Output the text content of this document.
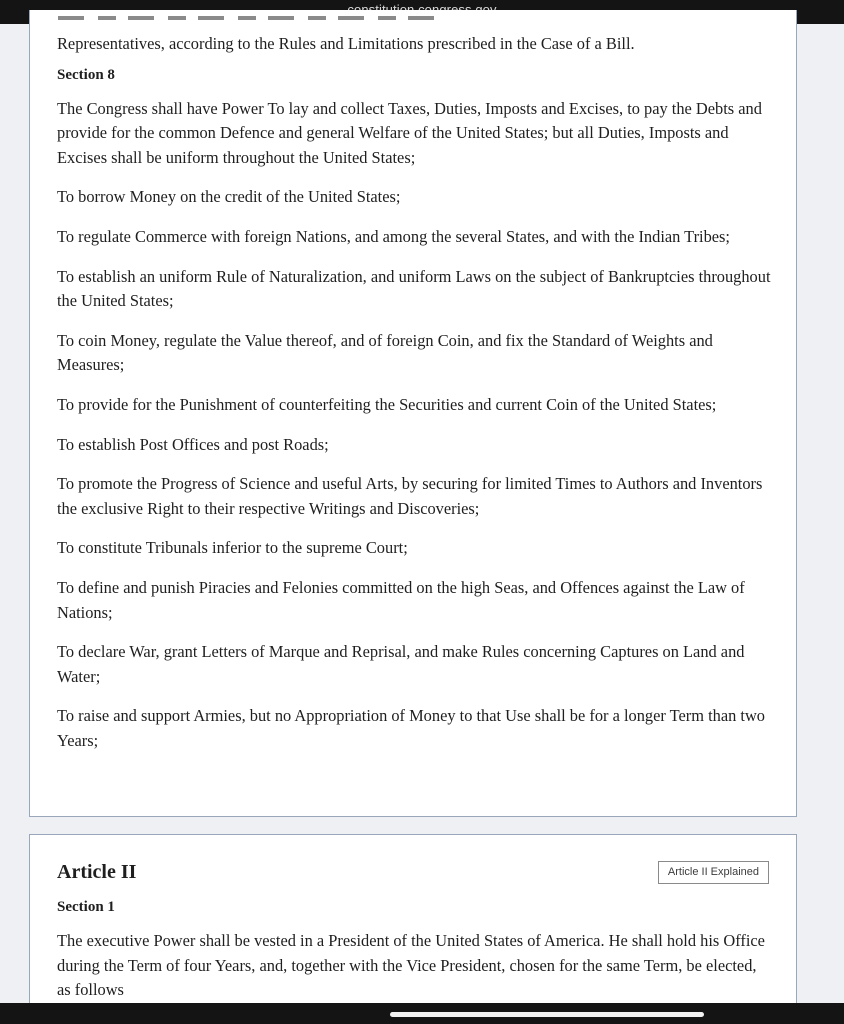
Representatives, according to the Rules and Limitations prescribed in the Case of a Bill.

Section 8

The Congress shall have Power To lay and collect Taxes, Duties, Imposts and Excises, to pay the Debts and provide for the common Defence and general Welfare of the United States; but all Duties, Imposts and Excises shall be uniform throughout the United States;

To borrow Money on the credit of the United States;

To regulate Commerce with foreign Nations, and among the several States, and with the Indian Tribes;

To establish an uniform Rule of Naturalization, and uniform Laws on the subject of Bankruptcies throughout the United States;

To coin Money, regulate the Value thereof, and of foreign Coin, and fix the Standard of Weights and Measures;

To provide for the Punishment of counterfeiting the Securities and current Coin of the United States;

To establish Post Offices and post Roads;

To promote the Progress of Science and useful Arts, by securing for limited Times to Authors and Inventors the exclusive Right to their respective Writings and Discoveries;

To constitute Tribunals inferior to the supreme Court;

To define and punish Piracies and Felonies committed on the high Seas, and Offences against the Law of Nations;

To declare War, grant Letters of Marque and Reprisal, and make Rules concerning Captures on Land and Water;

To raise and support Armies, but no Appropriation of Money to that Use shall be for a longer Term than two Years;

Article II	Article II Explained
Section 1

The executive Power shall be vested in a President of the United States of America. He shall hold his Office during the Term of four Years, and, together with the Vice President, chosen for the same Term, be elected, as follows
